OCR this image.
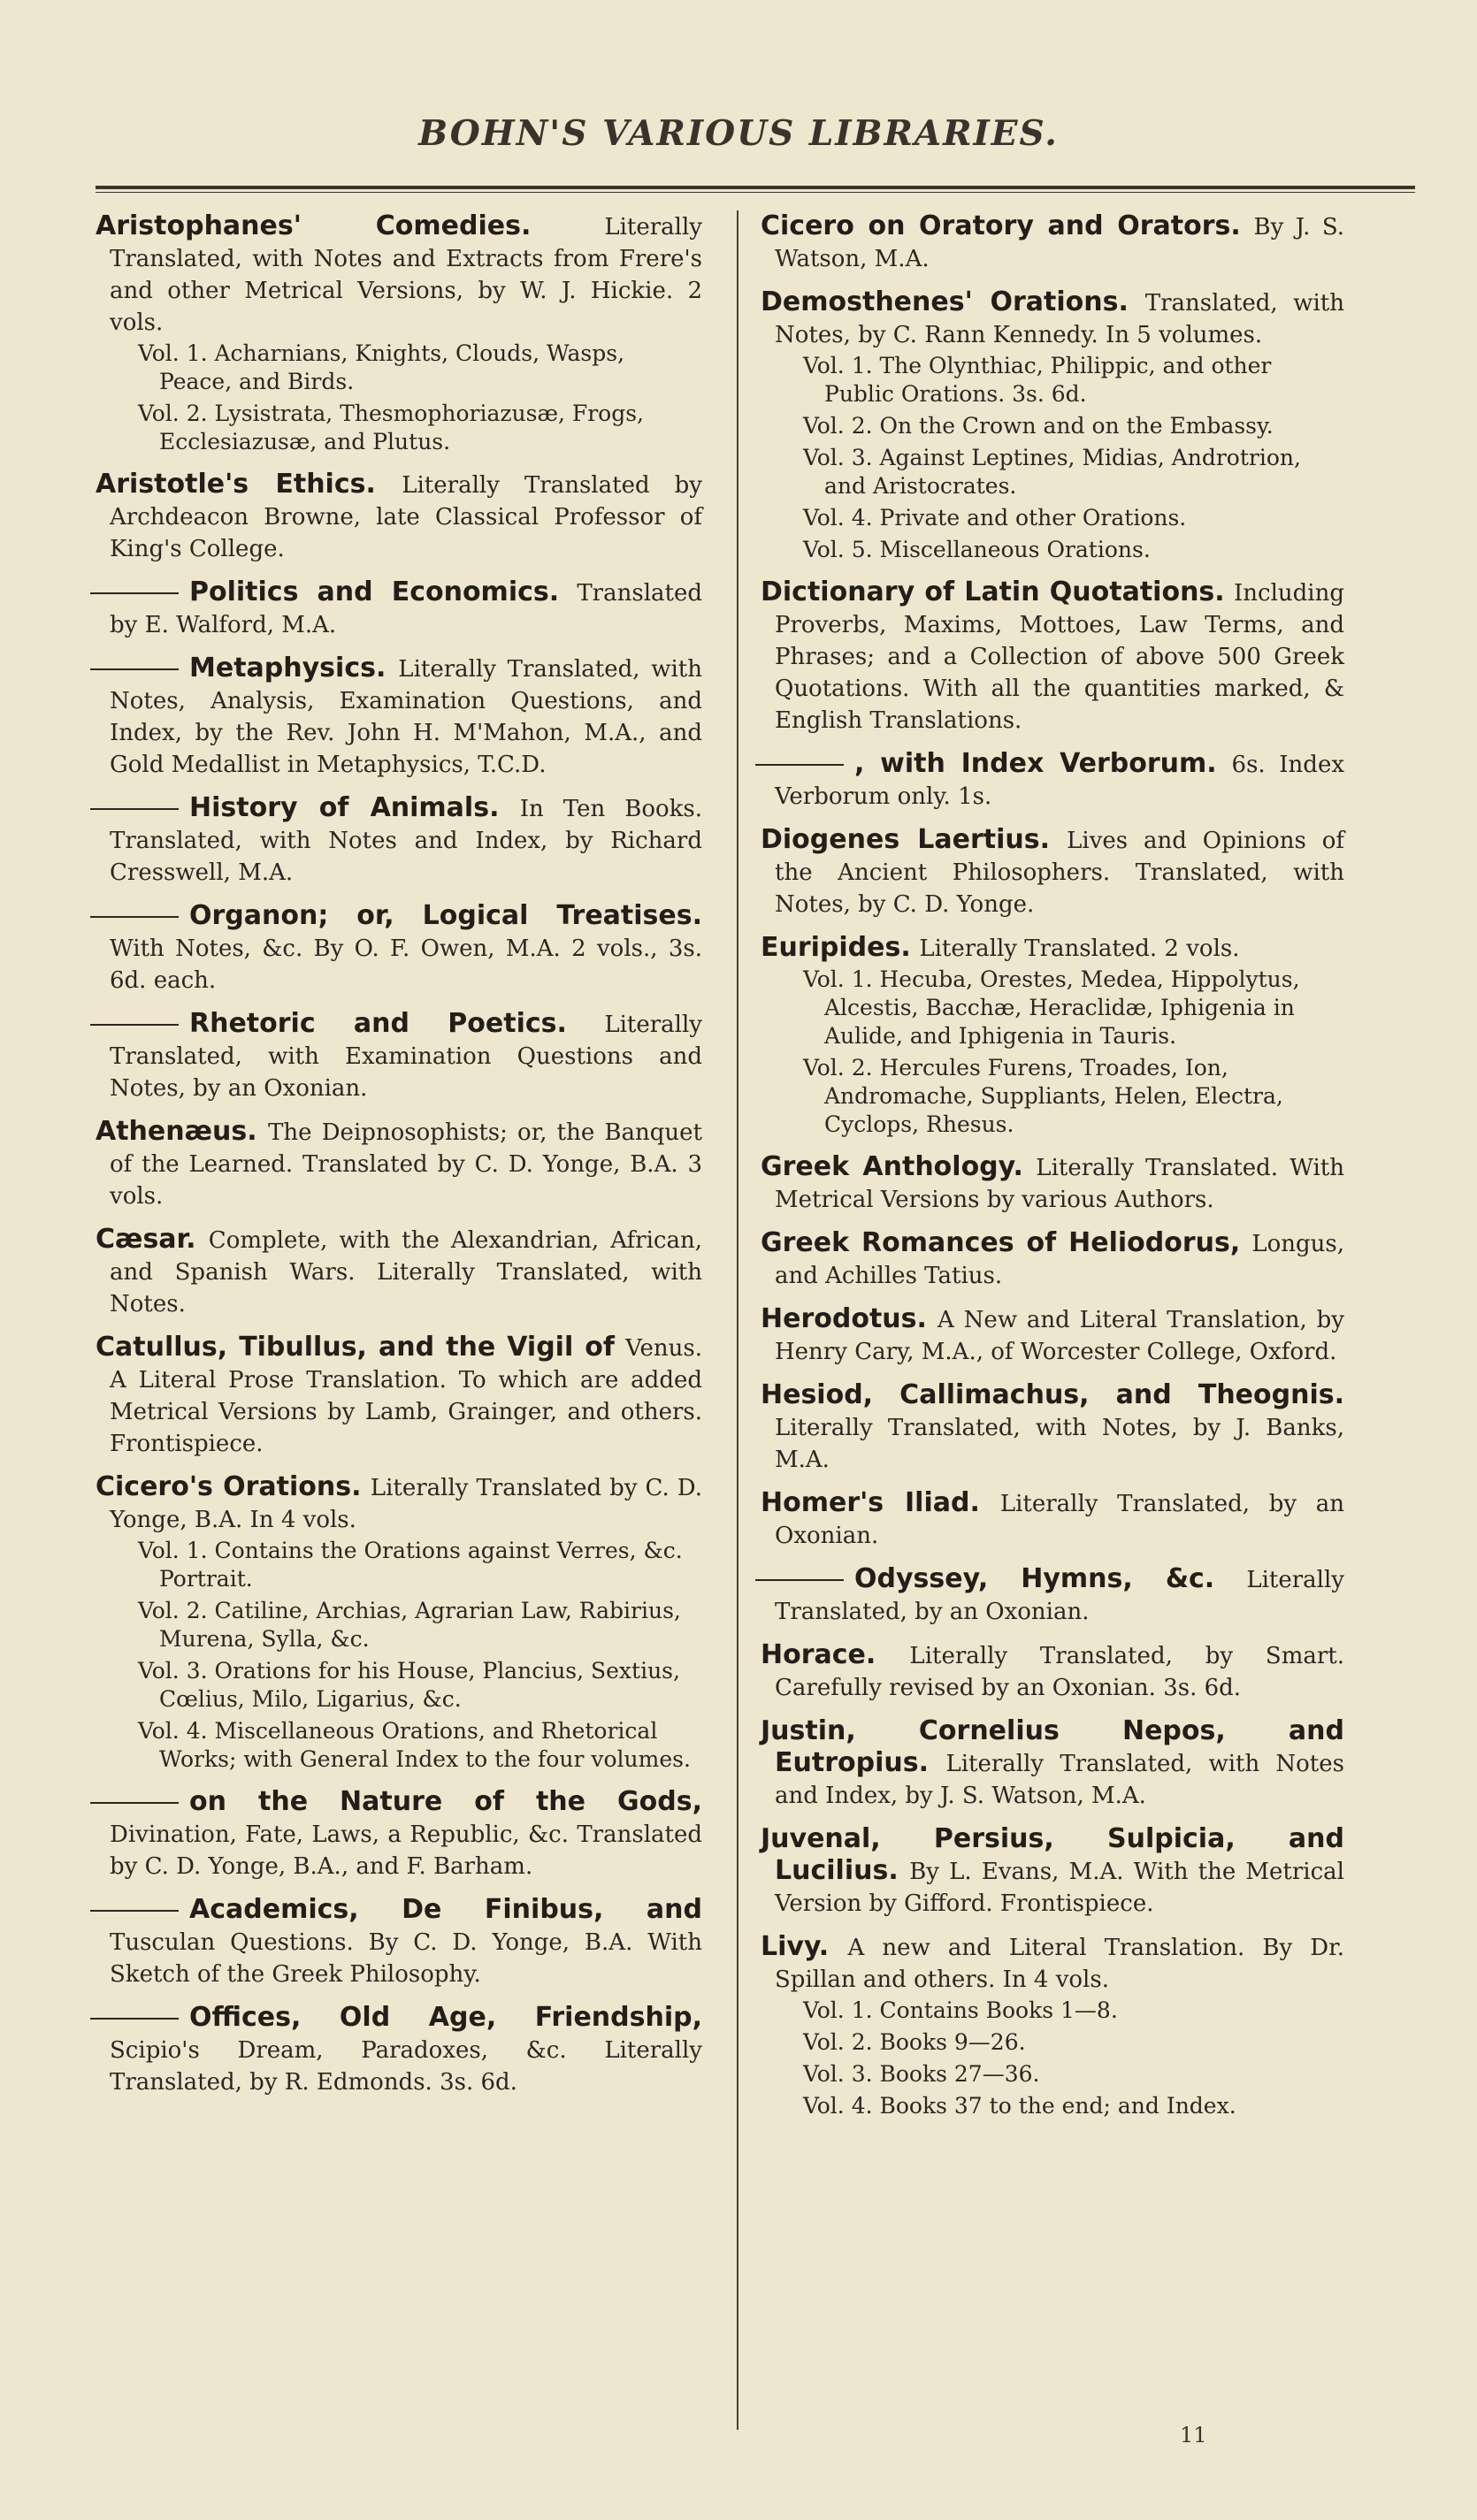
BOHN'S VARIOUS LIBRARIES.
Aristophanes' Comedies.	Literally Translated, with Notes and Extracts from Frere's and other Metrical Versions, by W. J. Hickie. 2 vols.
Vol. 1. Acharnians, Knights, Clouds, Wasps, Peace, and Birds.
Vol. 2. Lysistrata, Thesmophoriazusæ, Frogs, Ecclesiazusæ, and Plutus.
Aristotle's Ethics. Literally Translated by Archdeacon Browne, late Classical Professor of King's College.
Politics and Economics. Translated by E. Walford, M.A.
Metaphysics. Literally Translated, with Notes, Analysis, Examination Questions, and Index, by the Rev. John H. M'Mahon, M.A., and Gold Medallist in Metaphysics, T.C.D.
History of Animals. In Ten Books. Translated, with Notes and Index, by Richard Cresswell, M.A.
Organon; or, Logical Treatises. With Notes, &c. By O. F. Owen, M.A. 2 vols., 3s. 6d. each.
Rhetoric and Poetics. Literally Translated, with Examination Questions and Notes, by an Oxonian.
Athenæus. The Deipnosophists; or, the Banquet of the Learned. Translated by C. D. Yonge, B.A. 3 vols.
Cæsar. Complete, with the Alexandrian, African, and Spanish Wars. Literally Translated, with Notes.
Catullus, Tibullus, and the Vigil of Venus. A Literal Prose Translation. To which are added Metrical Versions by Lamb, Grainger, and others. Frontispiece.
Cicero's Orations. Literally Translated by C. D. Yonge, B.A. In 4 vols.
Vol. 1. Contains the Orations against Verres, &c. Portrait.
Vol. 2. Catiline, Archias, Agrarian Law, Rabirius, Murena, Sylla, &c.
Vol. 3. Orations for his House, Plancius, Sextius, Cœlius, Milo, Ligarius, &c.
Vol. 4. Miscellaneous Orations, and Rhetorical Works; with General Index to the four volumes.
on the Nature of the Gods, Divination, Fate, Laws, a Republic, &c. Translated by C. D. Yonge, B.A., and F. Barham.
Academics, De Finibus, and Tusculan Questions. By C. D. Yonge, B.A. With Sketch of the Greek Philosophy.
Offices, Old Age, Friendship, Scipio's Dream, Paradoxes, &c. Literally Translated, by R. Edmonds. 3s. 6d.
Cicero on Oratory and Orators. By J. S. Watson, M.A.
Demosthenes' Orations. Translated, with Notes, by C. Rann Kennedy. In 5 volumes.
Vol. 1. The Olynthiac, Philippic, and other Public Orations. 3s. 6d.
Vol. 2. On the Crown and on the Embassy.
Vol. 3. Against Leptines, Midias, Androtrion, and Aristocrates.
Vol. 4. Private and other Orations.
Vol. 5. Miscellaneous Orations.
Dictionary of Latin Quotations. Including Proverbs, Maxims, Mottoes, Law Terms, and Phrases; and a Collection of above 500 Greek Quotations. With all the quantities marked, & English Translations.
, with Index Verborum. 6s. Index Verborum only. 1s.
Diogenes Laertius. Lives and Opinions of the Ancient Philosophers. Translated, with Notes, by C. D. Yonge.
Euripides. Literally Translated. 2 vols.
Vol. 1. Hecuba, Orestes, Medea, Hippolytus, Alcestis, Bacchæ, Heraclidæ, Iphigenia in Aulide, and Iphigenia in Tauris.
Vol. 2. Hercules Furens, Troades, Ion, Andromache, Suppliants, Helen, Electra, Cyclops, Rhesus.
Greek Anthology. Literally Translated. With Metrical Versions by various Authors.
Greek Romances of Heliodorus, Longus, and Achilles Tatius.
Herodotus. A New and Literal Translation, by Henry Cary, M.A., of Worcester College, Oxford.
Hesiod, Callimachus, and Theognis. Literally Translated, with Notes, by J. Banks, M.A.
Homer's Iliad. Literally Translated, by an Oxonian.
Odyssey, Hymns, &c. Literally Translated, by an Oxonian.
Horace. Literally Translated, by Smart. Carefully revised by an Oxonian. 3s. 6d.
Justin, Cornelius Nepos, and Eutropius. Literally Translated, with Notes and Index, by J. S. Watson, M.A.
Juvenal, Persius, Sulpicia, and Lucilius. By L. Evans, M.A. With the Metrical Version by Gifford. Frontispiece.
Livy. A new and Literal Translation. By Dr. Spillan and others. In 4 vols.
Vol. 1. Contains Books 1—8.
Vol. 2. Books 9—26.
Vol. 3. Books 27—36.
Vol. 4. Books 37 to the end; and Index.
11
